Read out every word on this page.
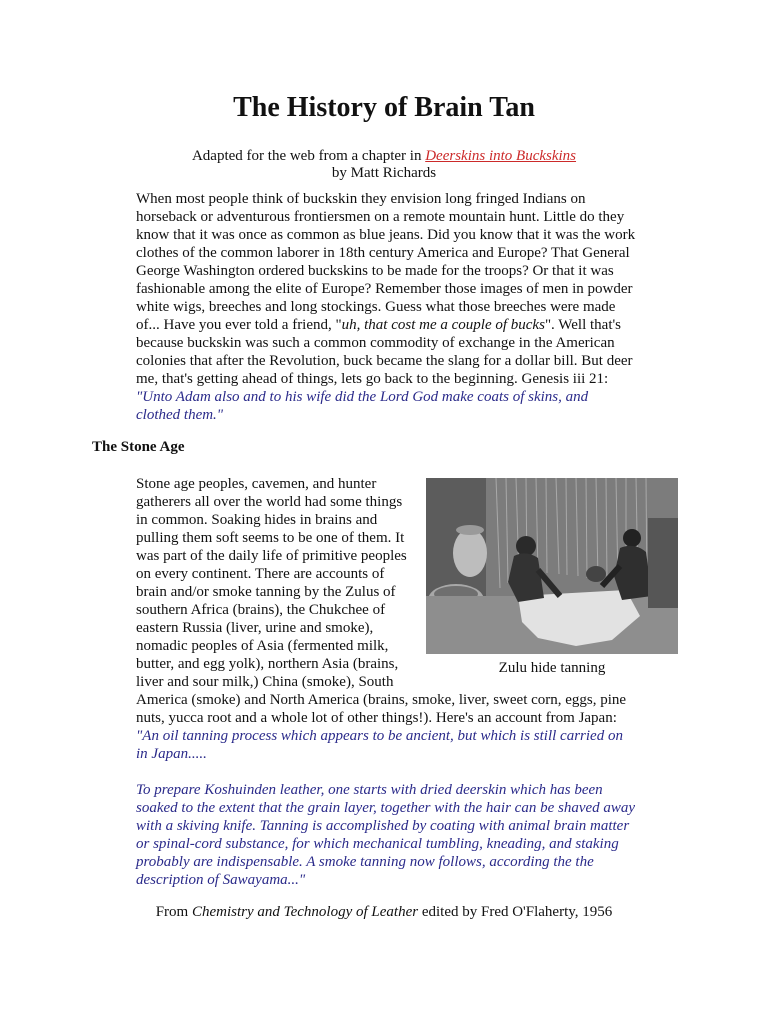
The History of Brain Tan
Adapted for the web from a chapter in Deerskins into Buckskins
by Matt Richards

When most people think of buckskin they envision long fringed Indians on horseback or adventurous frontiersmen on a remote mountain hunt. Little do they know that it was once as common as blue jeans. Did you know that it was the work clothes of the common laborer in 18th century America and Europe? That General George Washington ordered buckskins to be made for the troops? Or that it was fashionable among the elite of Europe? Remember those images of men in powder white wigs, breeches and long stockings. Guess what those breeches were made of... Have you ever told a friend, "uh, that cost me a couple of bucks". Well that's because buckskin was such a common commodity of exchange in the American colonies that after the Revolution, buck became the slang for a dollar bill. But deer me, that's getting ahead of things, lets go back to the beginning. Genesis iii 21: "Unto Adam also and to his wife did the Lord God make coats of skins, and clothed them."

The Stone Age
Stone age peoples, cavemen, and hunter
gatherers all over the world had some things
in common. Soaking hides in brains and
pulling them soft seems to be one of them. It
was part of the daily life of primitive peoples
on every continent. There are accounts of
brain and/or smoke tanning by the Zulus of
southern Africa (brains), the Chukchee of
eastern Russia (liver, urine and smoke),
nomadic peoples of Asia (fermented milk,
butter, and egg yolk), northern Asia (brains,
liver and sour milk,) China (smoke), South
Zulu hide tanning

America (smoke) and North America (brains, smoke, liver, sweet corn, eggs, pine nuts, yucca root and a whole lot of other things!). Here's an account from Japan:

"An oil tanning process which appears to be ancient, but which is still carried on in Japan.....

To prepare Koshuinden leather, one starts with dried deerskin which has been soaked to the extent that the grain layer, together with the hair can be shaved away with a skiving knife. Tanning is accomplished by coating with animal brain matter or spinal-cord substance, for which mechanical tumbling, kneading, and staking probably are indispensable. A smoke tanning now follows, according the the description of Sawayama..."

From Chemistry and Technology of Leather edited by Fred O'Flaherty, 1956
